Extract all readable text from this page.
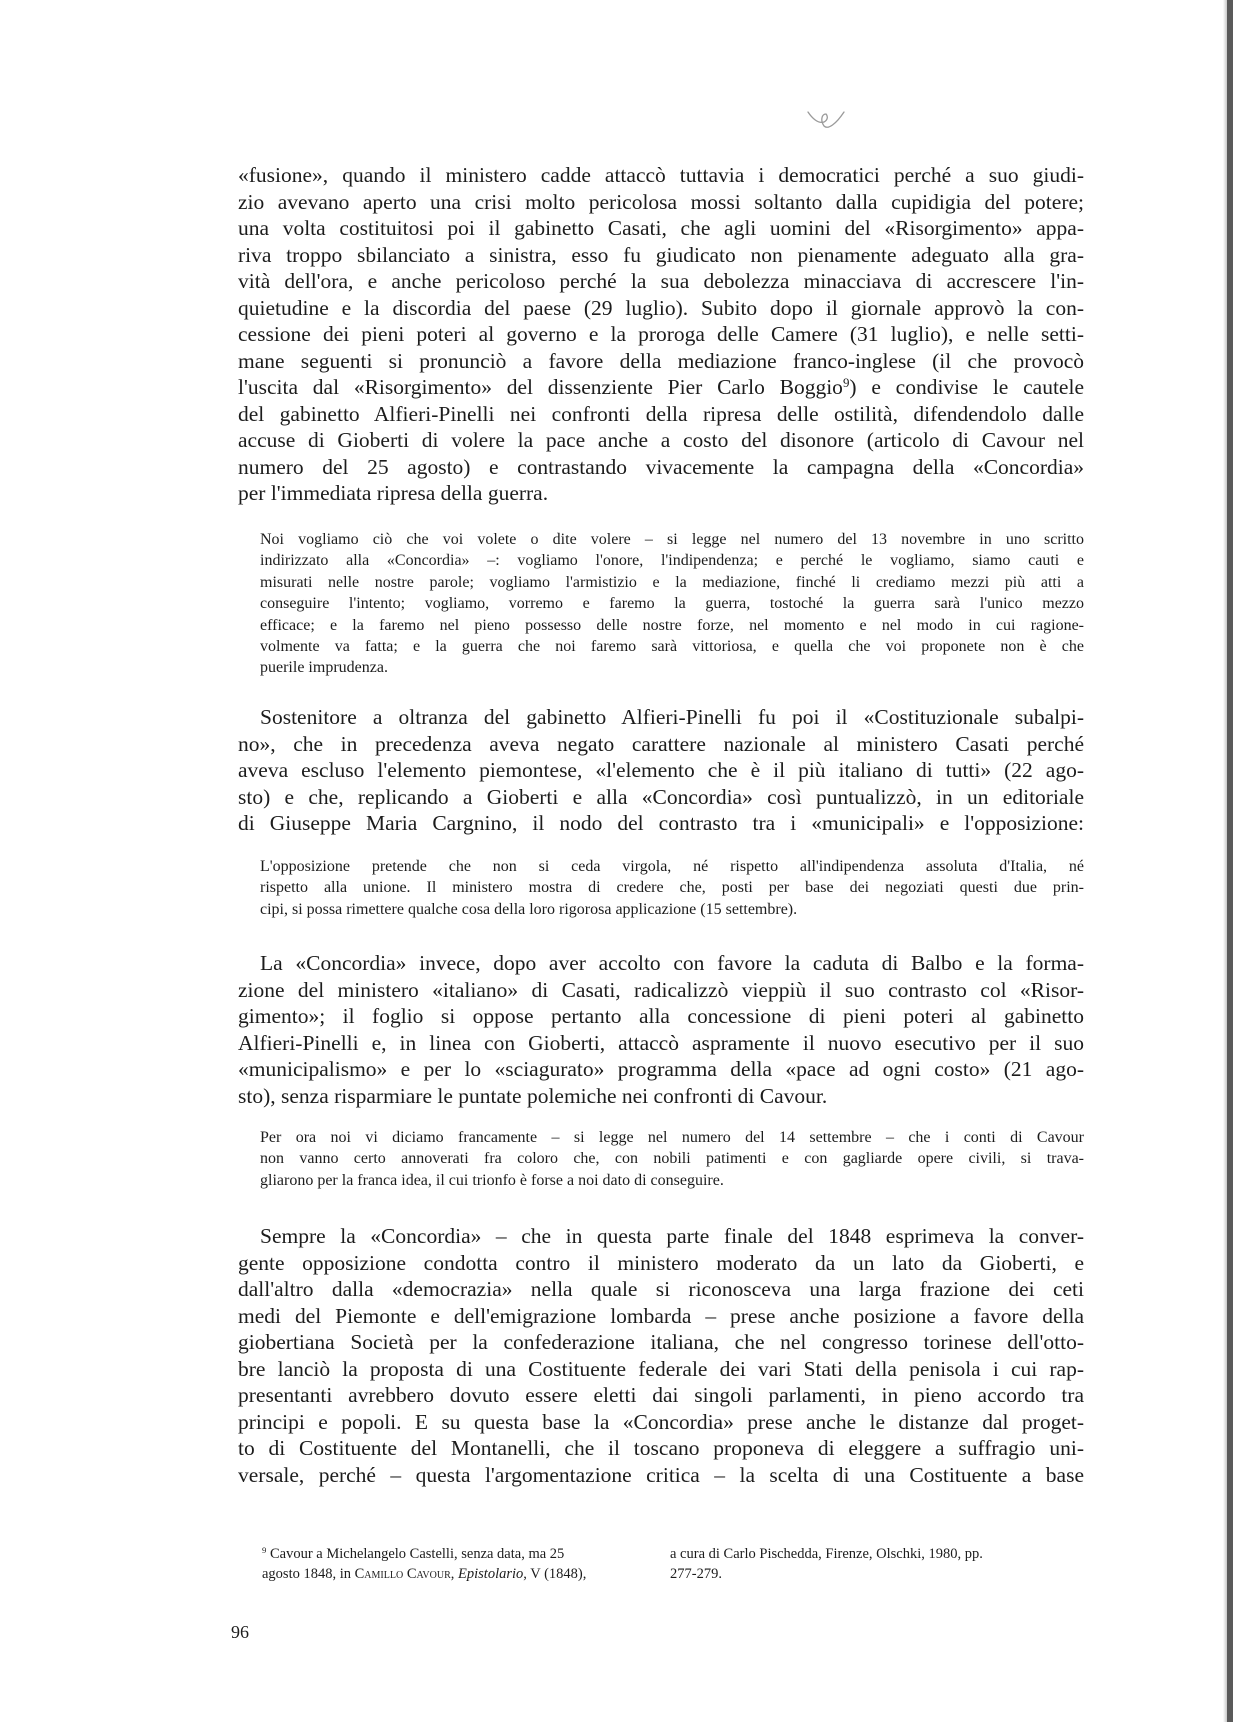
«fusione», quando il ministero cadde attaccò tuttavia i democratici perché a suo giudi-
zio avevano aperto una crisi molto pericolosa mossi soltanto dalla cupidigia del potere;
una volta costituitosi poi il gabinetto Casati, che agli uomini del «Risorgimento» appa-
riva troppo sbilanciato a sinistra, esso fu giudicato non pienamente adeguato alla gra-
vità dell'ora, e anche pericoloso perché la sua debolezza minacciava di accrescere l'in-
quietudine e la discordia del paese (29 luglio). Subito dopo il giornale approvò la con-
cessione dei pieni poteri al governo e la proroga delle Camere (31 luglio), e nelle setti-
mane seguenti si pronunciò a favore della mediazione franco-inglese (il che provocò
l'uscita dal «Risorgimento» del dissenziente Pier Carlo Boggio$^9$) e condivise le cautele
del gabinetto Alfieri-Pinelli nei confronti della ripresa delle ostilità, difendendolo dalle
accuse di Gioberti di volere la pace anche a costo del disonore (articolo di Cavour nel
numero del 25 agosto) e contrastando vivacemente la campagna della «Concordia»
per l'immediata ripresa della guerra.
Noi vogliamo ciò che voi volete o dite volere – si legge nel numero del 13 novembre in uno scritto
indirizzato alla «Concordia» –: vogliamo l'onore, l'indipendenza; e perché le vogliamo, siamo cauti e
misurati nelle nostre parole; vogliamo l'armistizio e la mediazione, finché li crediamo mezzi più atti a
conseguire l'intento; vogliamo, vorremo e faremo la guerra, tostoché la guerra sarà l'unico mezzo
efficace; e la faremo nel pieno possesso delle nostre forze, nel momento e nel modo in cui ragione-
volmente va fatta; e la guerra che noi faremo sarà vittoriosa, e quella che voi proponete non è che
puerile imprudenza.
Sostenitore a oltranza del gabinetto Alfieri-Pinelli fu poi il «Costituzionale subalpi-
no», che in precedenza aveva negato carattere nazionale al ministero Casati perché
aveva escluso l'elemento piemontese, «l'elemento che è il più italiano di tutti» (22 ago-
sto) e che, replicando a Gioberti e alla «Concordia» così puntualizzò, in un editoriale
di Giuseppe Maria Cargnino, il nodo del contrasto tra i «municipali» e l'opposizione:
L'opposizione pretende che non si ceda virgola, né rispetto all'indipendenza assoluta d'Italia, né
rispetto alla unione. Il ministero mostra di credere che, posti per base dei negoziati questi due prin-
cipi, si possa rimettere qualche cosa della loro rigorosa applicazione (15 settembre).
La «Concordia» invece, dopo aver accolto con favore la caduta di Balbo e la forma-
zione del ministero «italiano» di Casati, radicalizzò vieppiù il suo contrasto col «Risor-
gimento»; il foglio si oppose pertanto alla concessione di pieni poteri al gabinetto
Alfieri-Pinelli e, in linea con Gioberti, attaccò aspramente il nuovo esecutivo per il suo
«municipalismo» e per lo «sciagurato» programma della «pace ad ogni costo» (21 ago-
sto), senza risparmiare le puntate polemiche nei confronti di Cavour.
Per ora noi vi diciamo francamente – si legge nel numero del 14 settembre – che i conti di Cavour
non vanno certo annoverati fra coloro che, con nobili patimenti e con gagliarde opere civili, si trava-
gliarono per la franca idea, il cui trionfo è forse a noi dato di conseguire.
Sempre la «Concordia» – che in questa parte finale del 1848 esprimeva la conver-
gente opposizione condotta contro il ministero moderato da un lato da Gioberti, e
dall'altro dalla «democrazia» nella quale si riconosceva una larga frazione dei ceti
medi del Piemonte e dell'emigrazione lombarda – prese anche posizione a favore della
giobertiana Società per la confederazione italiana, che nel congresso torinese dell'otto-
bre lanciò la proposta di una Costituente federale dei vari Stati della penisola i cui rap-
presentanti avrebbero dovuto essere eletti dai singoli parlamenti, in pieno accordo tra
principi e popoli. E su questa base la «Concordia» prese anche le distanze dal proget-
to di Costituente del Montanelli, che il toscano proponeva di eleggere a suffragio uni-
versale, perché – questa l'argomentazione critica – la scelta di una Costituente a base
$^9$ Cavour a Michelangelo Castelli, senza data, ma 25
agosto 1848, in Camillo Cavour, Epistolario, V (1848),
a cura di Carlo Pischedda, Firenze, Olschki, 1980, pp.
277-279.
96
